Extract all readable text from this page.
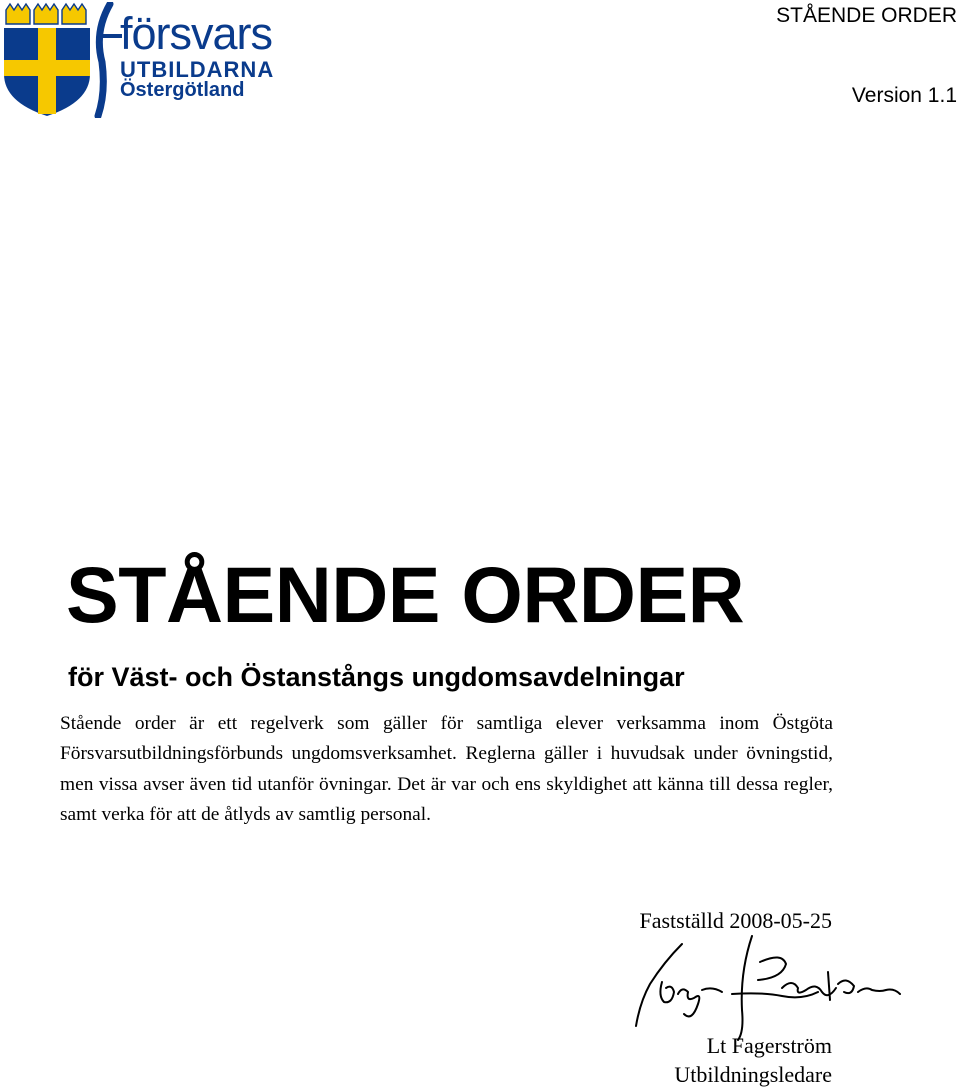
försvars
UTBILDARNA
Östergötland
STÅENDE ORDER
Version 1.1
STÅENDE ORDER
för Väst- och Östanstångs ungdomsavdelningar
Stående order är ett regelverk som gäller för samtliga elever verksamma inom Östgöta Försvarsutbildningsförbunds ungdomsverksamhet. Reglerna gäller i huvudsak under övningstid, men vissa avser även tid utanför övningar. Det är var och ens skyldighet att känna till dessa regler, samt verka för att de åtlyds av samtlig personal.
Fastställd 2008-05-25
Lt Fagerström
Utbildningsledare
